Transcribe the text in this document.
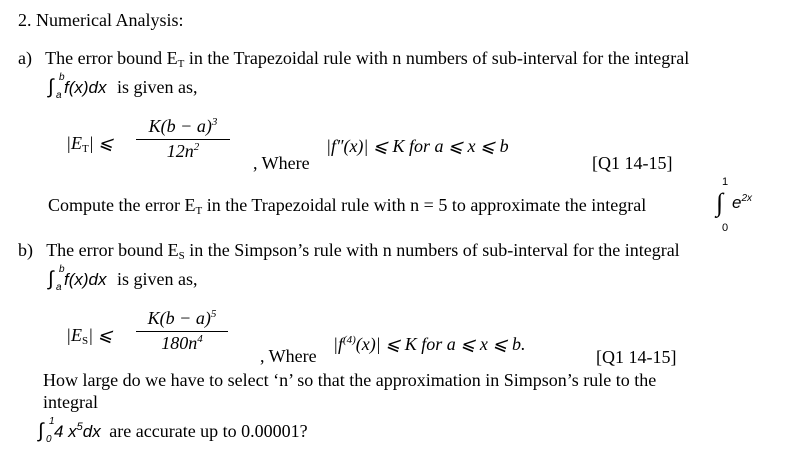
2. Numerical Analysis:
a) The error bound $E_T$ in the Trapezoidal rule with n numbers of sub-interval for the integral
∫ b
a f(x)dx is given as,
$|E_T|$ ⩽
$K(b - a)^3$
$12n^2$
, Where
|f″(x)| ⩽ K for a ⩽ x ⩽ b
[Q1 14-15]
Compute the error $E_T$ in the Trapezoidal rule with n = 5 to approximate the integral
1
∫
0
$e^{2x}$
b) The error bound $E_S$ in the Simpson’s rule with n numbers of sub-interval for the integral
∫ b
a f(x)dx is given as,
$|E_S|$ ⩽
$K(b - a)^5$
$180n^4$
, Where
$|f^{(4)}(x)|$ ⩽ K for a ⩽ x ⩽ b.
[Q1 14-15]
How large do we have to select ‘n’ so that the approximation in Simpson’s rule to the
integral
∫ 1
0 4 $x^5dx$ are accurate up to 0.00001?
